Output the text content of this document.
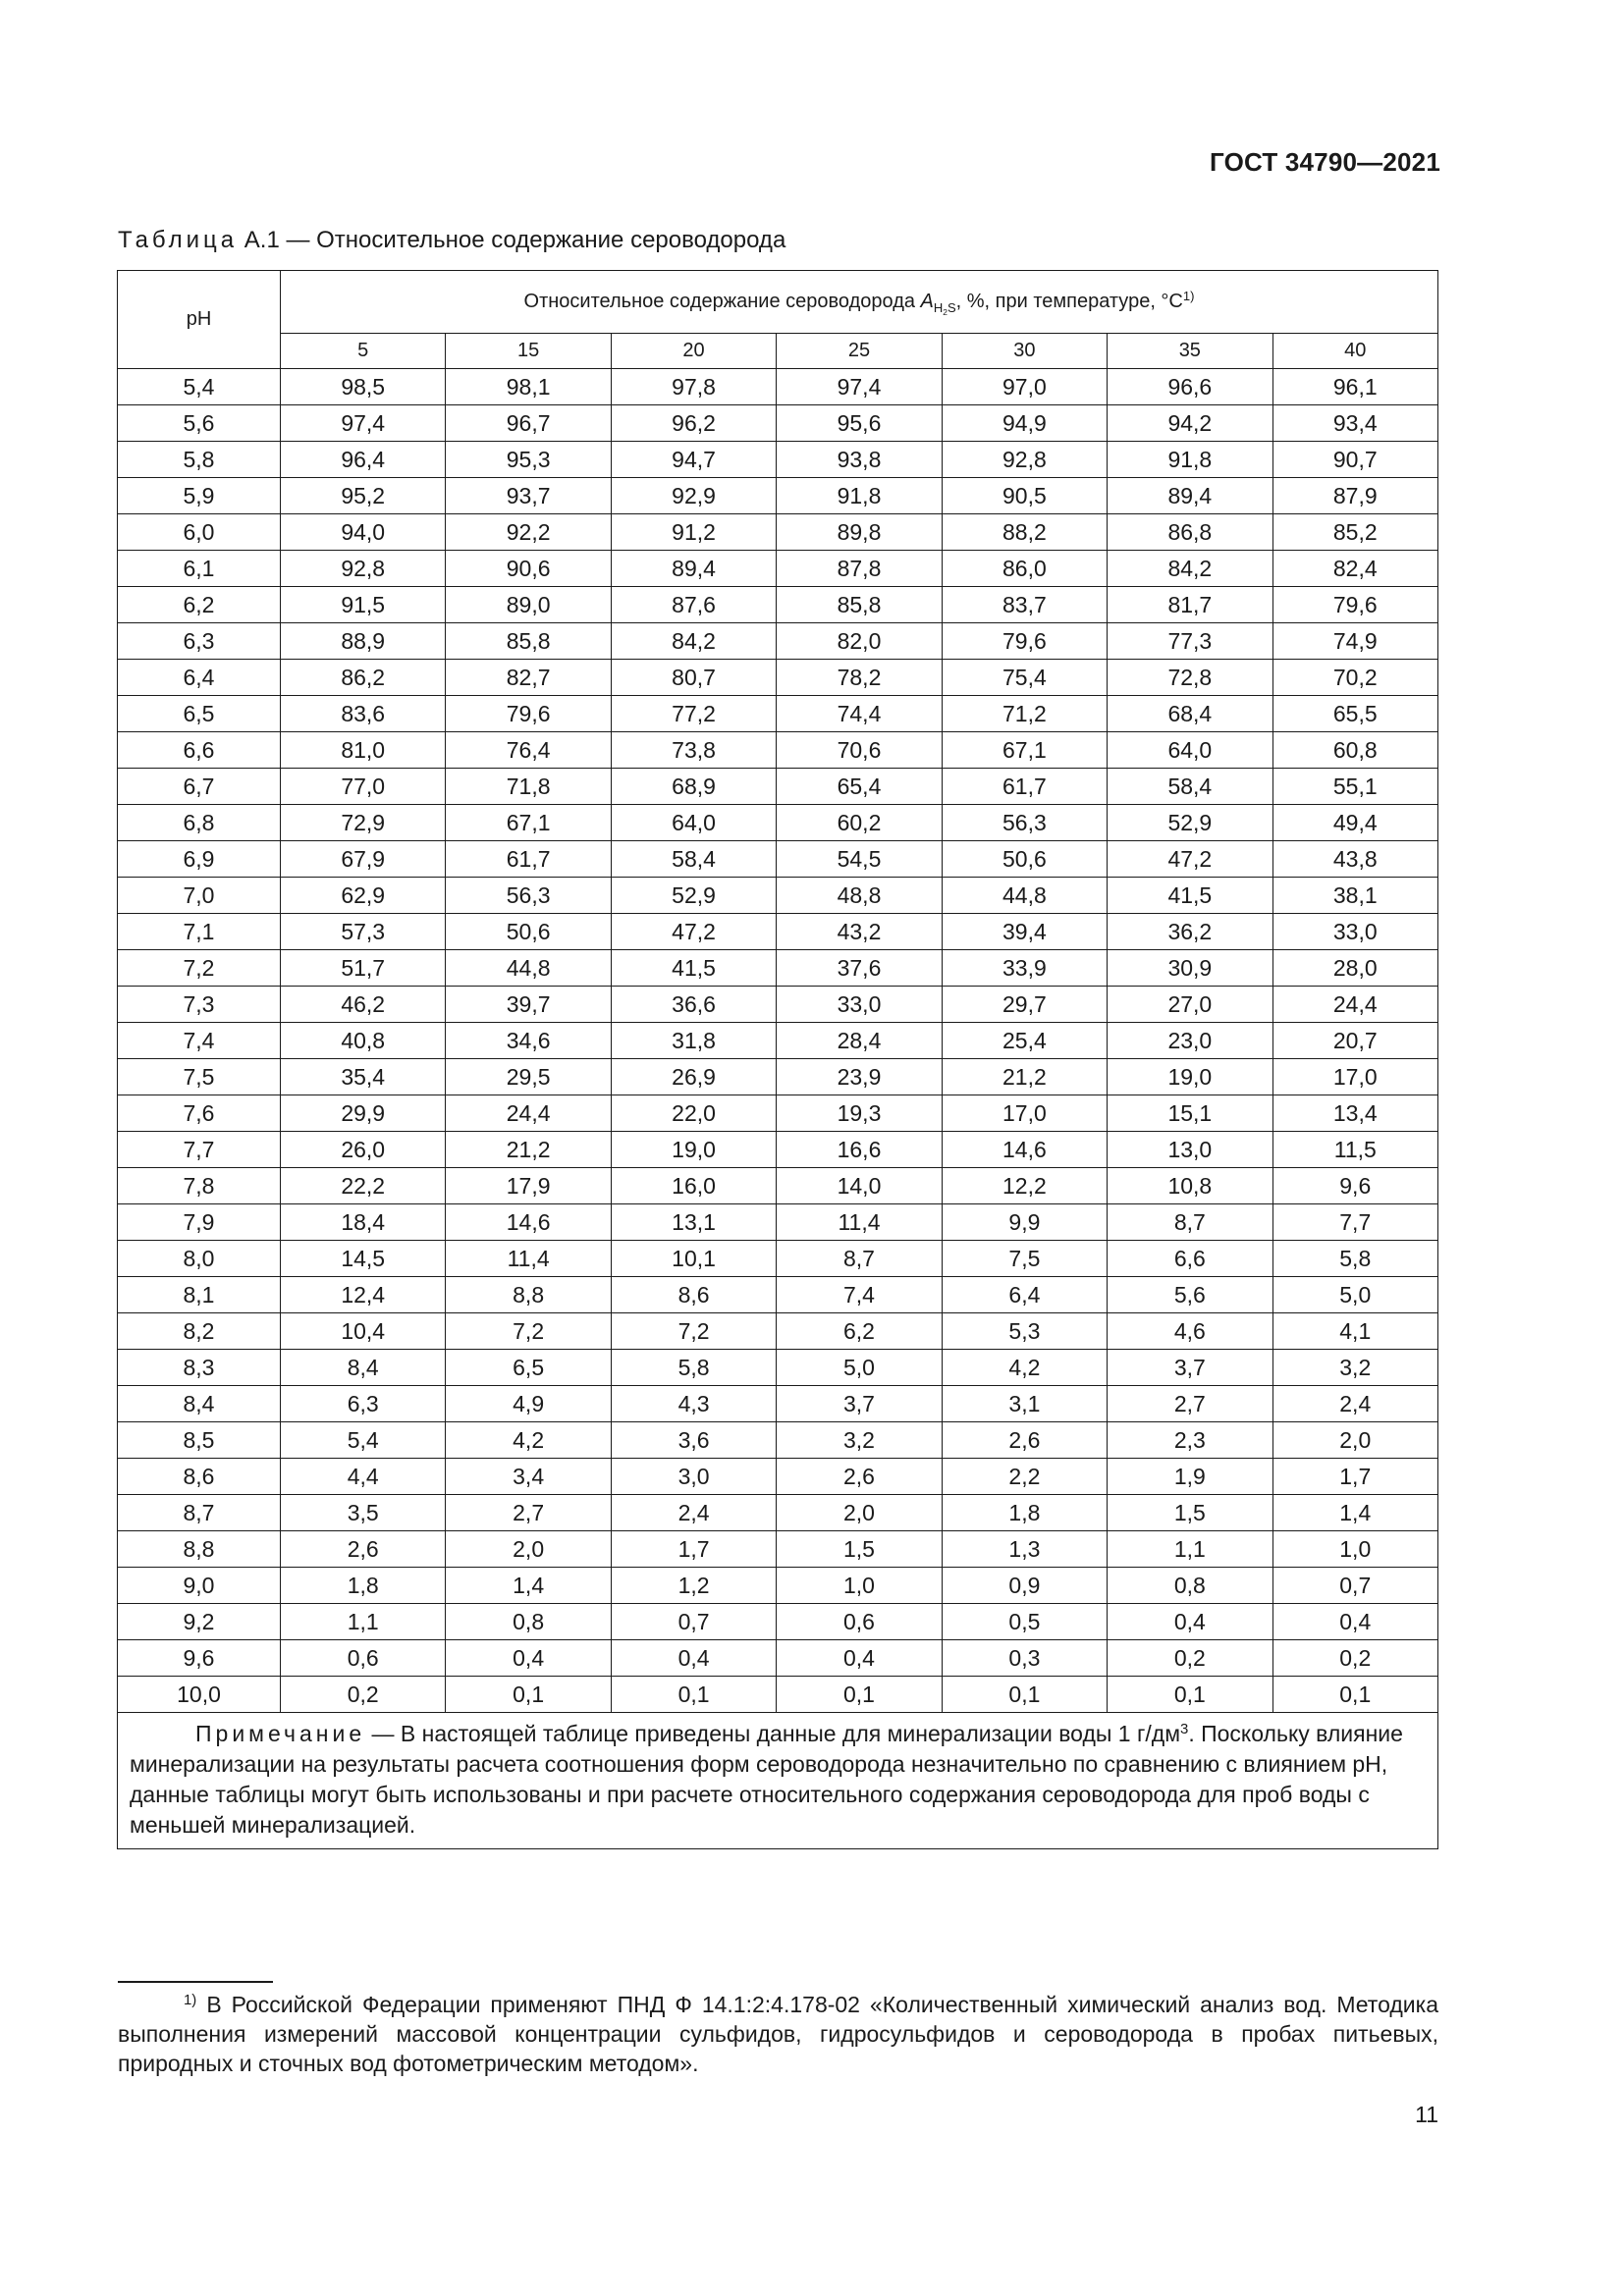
ГОСТ 34790—2021
Таблица А.1 — Относительное содержание сероводорода
pH	Относительное содержание сероводорода $A_{H_2S}$, %, при температуре, $^\circ С^{1)}$
	5	15	20	25	30	35	40
5,4	98,5	98,1	97,8	97,4	97,0	96,6	96,1
5,6	97,4	96,7	96,2	95,6	94,9	94,2	93,4
5,8	96,4	95,3	94,7	93,8	92,8	91,8	90,7
5,9	95,2	93,7	92,9	91,8	90,5	89,4	87,9
6,0	94,0	92,2	91,2	89,8	88,2	86,8	85,2
6,1	92,8	90,6	89,4	87,8	86,0	84,2	82,4
6,2	91,5	89,0	87,6	85,8	83,7	81,7	79,6
6,3	88,9	85,8	84,2	82,0	79,6	77,3	74,9
6,4	86,2	82,7	80,7	78,2	75,4	72,8	70,2
6,5	83,6	79,6	77,2	74,4	71,2	68,4	65,5
6,6	81,0	76,4	73,8	70,6	67,1	64,0	60,8
6,7	77,0	71,8	68,9	65,4	61,7	58,4	55,1
6,8	72,9	67,1	64,0	60,2	56,3	52,9	49,4
6,9	67,9	61,7	58,4	54,5	50,6	47,2	43,8
7,0	62,9	56,3	52,9	48,8	44,8	41,5	38,1
7,1	57,3	50,6	47,2	43,2	39,4	36,2	33,0
7,2	51,7	44,8	41,5	37,6	33,9	30,9	28,0
7,3	46,2	39,7	36,6	33,0	29,7	27,0	24,4
7,4	40,8	34,6	31,8	28,4	25,4	23,0	20,7
7,5	35,4	29,5	26,9	23,9	21,2	19,0	17,0
7,6	29,9	24,4	22,0	19,3	17,0	15,1	13,4
7,7	26,0	21,2	19,0	16,6	14,6	13,0	11,5
7,8	22,2	17,9	16,0	14,0	12,2	10,8	9,6
7,9	18,4	14,6	13,1	11,4	9,9	8,7	7,7
8,0	14,5	11,4	10,1	8,7	7,5	6,6	5,8
8,1	12,4	8,8	8,6	7,4	6,4	5,6	5,0
8,2	10,4	7,2	7,2	6,2	5,3	4,6	4,1
8,3	8,4	6,5	5,8	5,0	4,2	3,7	3,2
8,4	6,3	4,9	4,3	3,7	3,1	2,7	2,4
8,5	5,4	4,2	3,6	3,2	2,6	2,3	2,0
8,6	4,4	3,4	3,0	2,6	2,2	1,9	1,7
8,7	3,5	2,7	2,4	2,0	1,8	1,5	1,4
8,8	2,6	2,0	1,7	1,5	1,3	1,1	1,0
9,0	1,8	1,4	1,2	1,0	0,9	0,8	0,7
9,2	1,1	0,8	0,7	0,6	0,5	0,4	0,4
9,6	0,6	0,4	0,4	0,4	0,3	0,2	0,2
10,0	0,2	0,1	0,1	0,1	0,1	0,1	0,1
Примечание — В настоящей таблице приведены данные для минерализации воды 1 $г/дм^3$. Поскольку влияние минерализации на результаты расчета соотношения форм сероводорода незначительно по сравнению с влиянием pH, данные таблицы могут быть использованы и при расчете относительного содержания сероводорода для проб воды с меньшей минерализацией.							
$^{1)}$ В Российской Федерации применяют ПНД Ф 14.1:2:4.178-02 «Количественный химический анализ вод. Методика выполнения измерений массовой концентрации сульфидов, гидросульфидов и сероводорода в пробах питьевых, природных и сточных вод фотометрическим методом».
11
